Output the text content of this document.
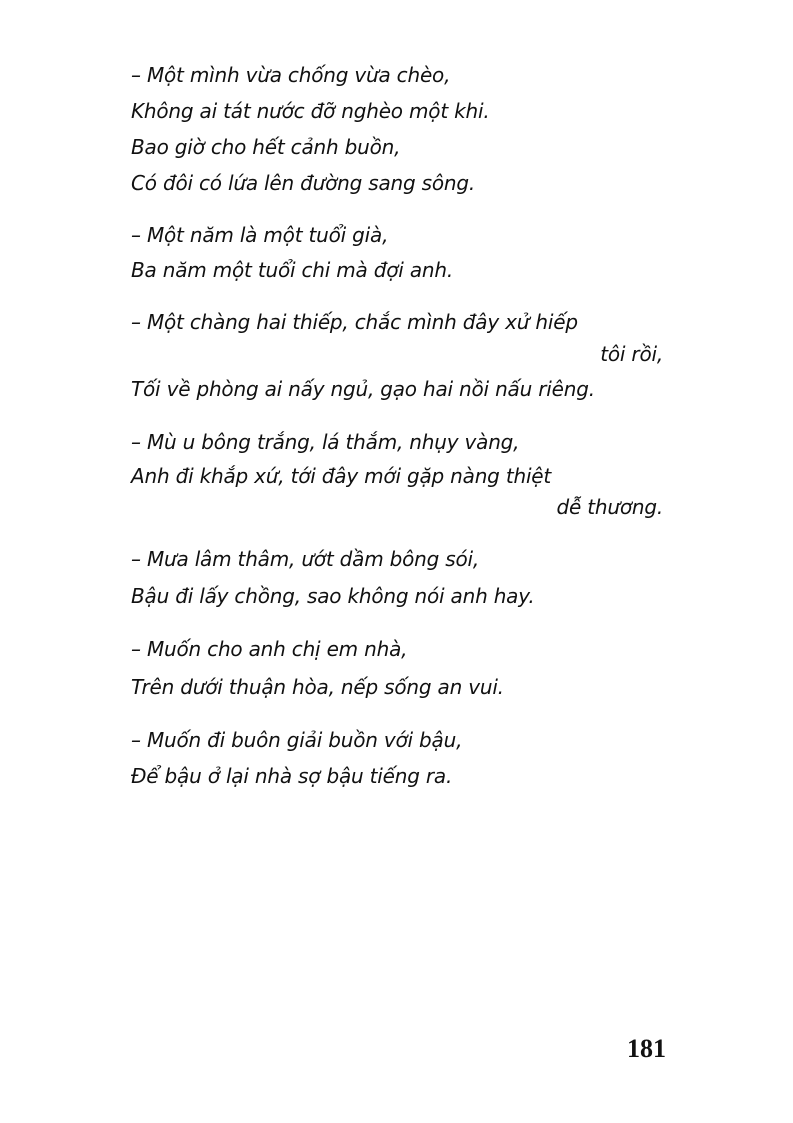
– Một mình vừa chống vừa chèo,
Không ai tát nước đỡ nghèo một khi.
Bao giờ cho hết cảnh buồn,
Có đôi có lứa lên đường sang sông.
– Một năm là một tuổi già,
Ba năm một tuổi chi mà đợi anh.
– Một chàng hai thiếp, chắc mình đây xử hiếp
tôi rồi,
Tối về phòng ai nấy ngủ, gạo hai nồi nấu riêng.
– Mù u bông trắng, lá thắm, nhụy vàng,
Anh đi khắp xứ, tới đây mới gặp nàng thiệt
dễ thương.
– Mưa lâm thâm, ướt dầm bông sói,
Bậu đi lấy chồng, sao không nói anh hay.
– Muốn cho anh chị em nhà,
Trên dưới thuận hòa, nếp sống an vui.
– Muốn đi buôn giải buồn với bậu,
Để bậu ở lại nhà sợ bậu tiếng ra.
181
